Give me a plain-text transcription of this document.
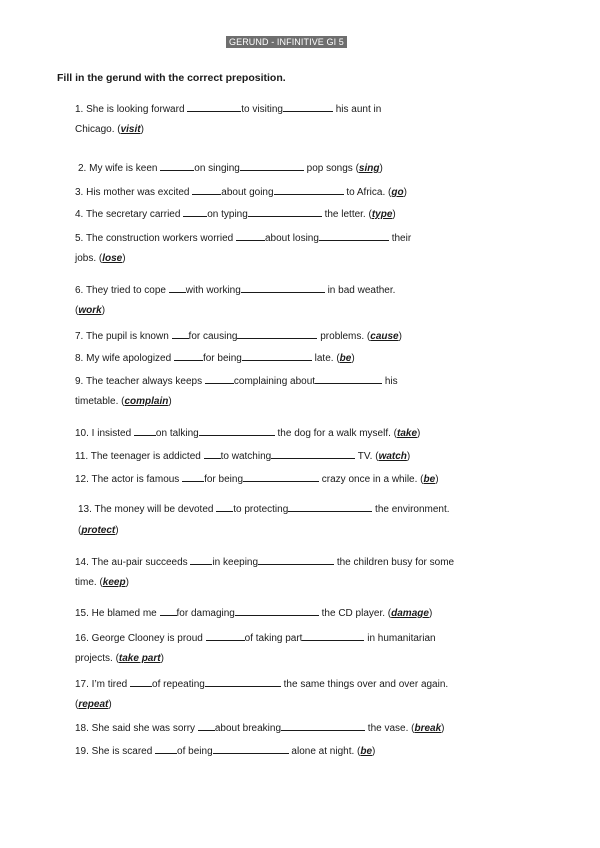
GERUND - INFINITIVE GI 5

Fill in the gerund with the correct preposition.

1. She is looking forward	to visiting	his aunt in
Chicago. (visit)
2. My wife is keen	on singing	pop songs (sing)
3. His mother was excited	about going	to Africa. (go)
4. The secretary carried on typing	the letter. (type)
5. The construction workers worried	about losing	their
jobs. (lose)
6. They tried to cope with working	in bad weather.
(work)
7. The pupil is known for causing	problems. (cause)
8. My wife apologized	for being	late. (be)
9. The teacher always keeps	complaining about	his
timetable. (complain)
10. I insisted on talking	the dog for a walk myself. (take)
11. The teenager is addicted to watching	TV. (watch)
12. The actor is famous for being	crazy once in a while. (be)
13. The money will be devoted to protecting	the environment.
(protect)
14. The au-pair succeeds in keeping	the children busy for some
time. (keep)
15. He blamed me for damaging	the CD player. (damage)
16. George Clooney is proud	of taking part	in humanitarian
projects. (take part)
17. I’m tired of repeating	the same things over and over again.
(repeat)
18. She said she was sorry about breaking	the vase. (break)
19. She is scared of being	alone at night. (be)
